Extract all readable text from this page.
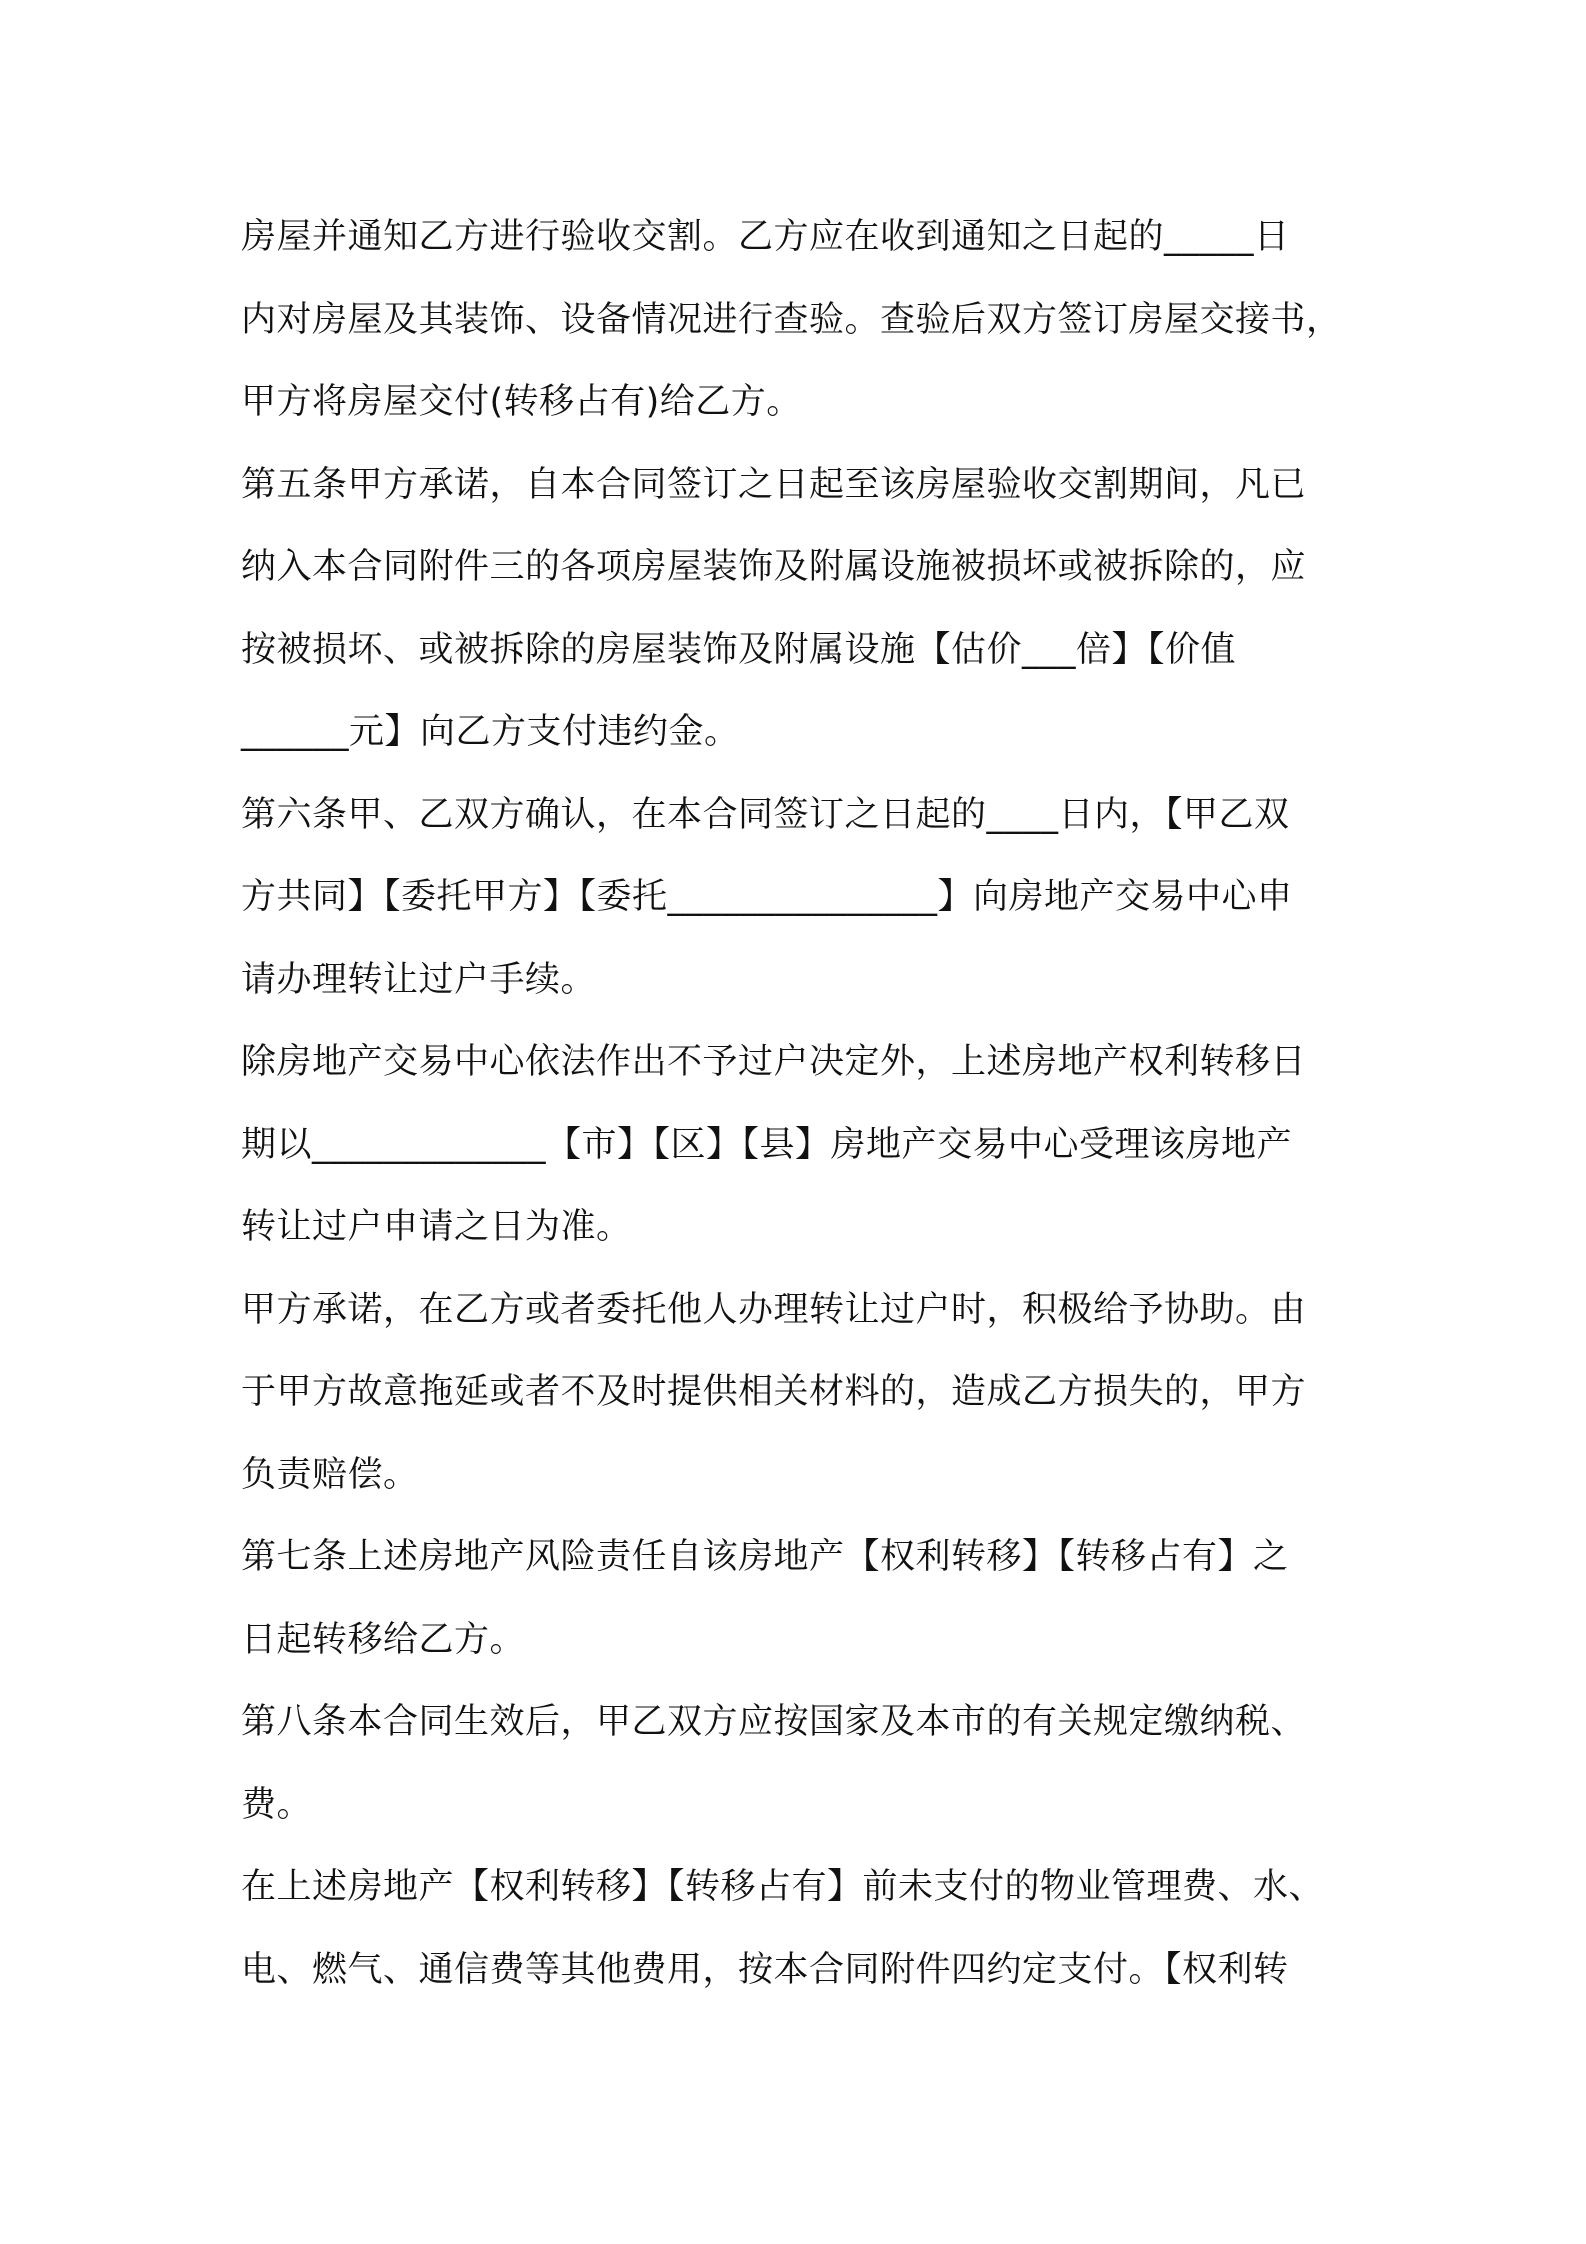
房屋并通知乙方进行验收交割。乙方应在收到通知之日起的_____日
内对房屋及其装饰、设备情况进行查验。查验后双方签订房屋交接书，
甲方将房屋交付(转移占有)给乙方。
第五条甲方承诺，自本合同签订之日起至该房屋验收交割期间，凡已
纳入本合同附件三的各项房屋装饰及附属设施被损坏或被拆除的，应
按被损坏、或被拆除的房屋装饰及附属设施【估价___倍】【价值
______元】向乙方支付违约金。
第六条甲、乙双方确认，在本合同签订之日起的____日内，【甲乙双
方共同】【委托甲方】【委托_______________】向房地产交易中心申
请办理转让过户手续。
除房地产交易中心依法作出不予过户决定外，上述房地产权利转移日
期以_____________【市】【区】【县】房地产交易中心受理该房地产
转让过户申请之日为准。
甲方承诺，在乙方或者委托他人办理转让过户时，积极给予协助。由
于甲方故意拖延或者不及时提供相关材料的，造成乙方损失的，甲方
负责赔偿。
第七条上述房地产风险责任自该房地产【权利转移】【转移占有】之
日起转移给乙方。
第八条本合同生效后，甲乙双方应按国家及本市的有关规定缴纳税、
费。
在上述房地产【权利转移】【转移占有】前未支付的物业管理费、水、
电、燃气、通信费等其他费用，按本合同附件四约定支付。【权利转
